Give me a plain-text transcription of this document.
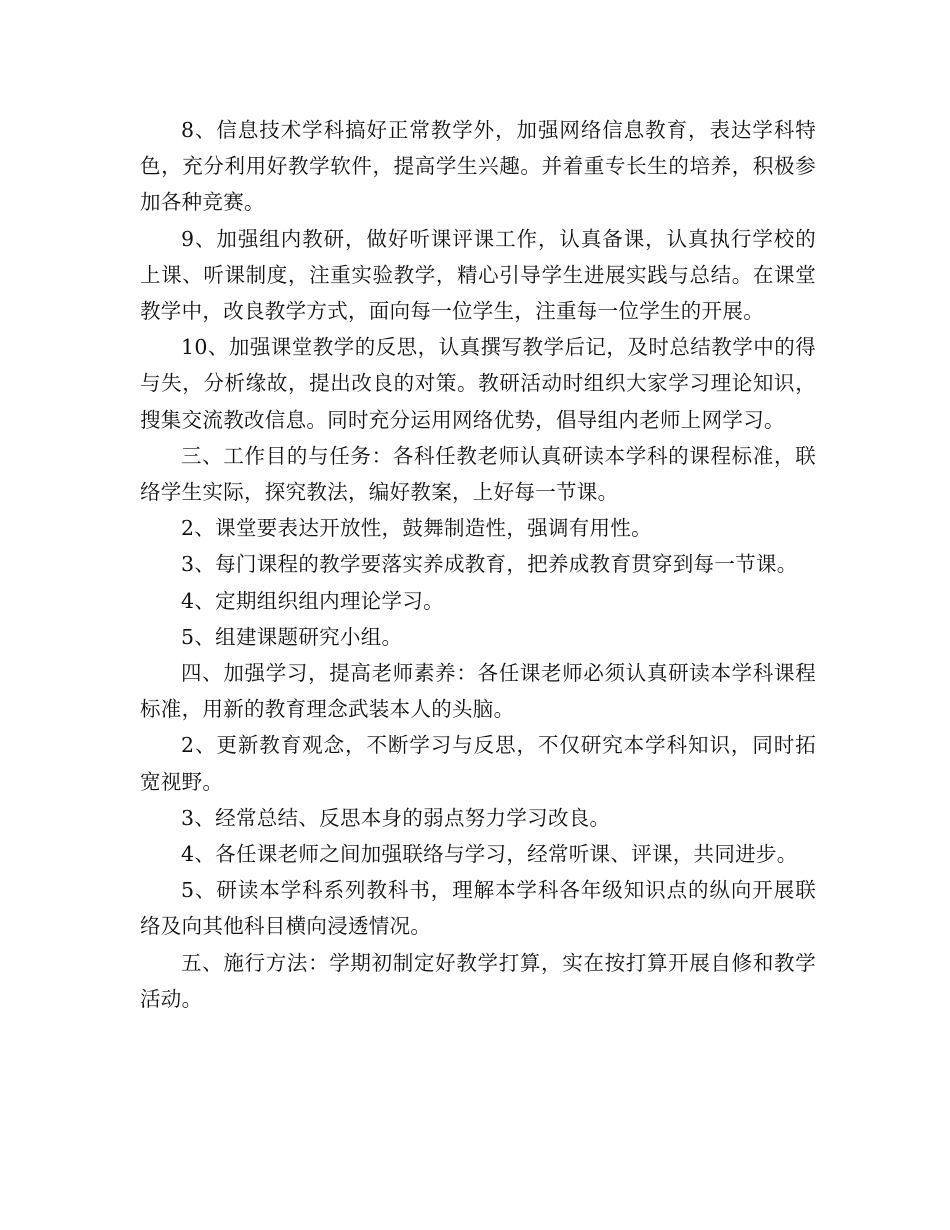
8、信息技术学科搞好正常教学外，加强网络信息教育，表达学科特色，充分利用好教学软件，提高学生兴趣。并着重专长生的培养，积极参加各种竞赛。

9、加强组内教研，做好听课评课工作，认真备课，认真执行学校的上课、听课制度，注重实验教学，精心引导学生进展实践与总结。在课堂教学中，改良教学方式，面向每一位学生，注重每一位学生的开展。

10、加强课堂教学的反思，认真撰写教学后记，及时总结教学中的得与失，分析缘故，提出改良的对策。教研活动时组织大家学习理论知识，搜集交流教改信息。同时充分运用网络优势，倡导组内老师上网学习。

三、工作目的与任务：各科任教老师认真研读本学科的课程标准，联络学生实际，探究教法，编好教案，上好每一节课。

2、课堂要表达开放性，鼓舞制造性，强调有用性。

3、每门课程的教学要落实养成教育，把养成教育贯穿到每一节课。

4、定期组织组内理论学习。

5、组建课题研究小组。

四、加强学习，提高老师素养：各任课老师必须认真研读本学科课程标准，用新的教育理念武装本人的头脑。

2、更新教育观念，不断学习与反思，不仅研究本学科知识，同时拓宽视野。

3、经常总结、反思本身的弱点努力学习改良。

4、各任课老师之间加强联络与学习，经常听课、评课，共同进步。

5、研读本学科系列教科书，理解本学科各年级知识点的纵向开展联络及向其他科目横向浸透情况。

五、施行方法：学期初制定好教学打算，实在按打算开展自修和教学活动。
